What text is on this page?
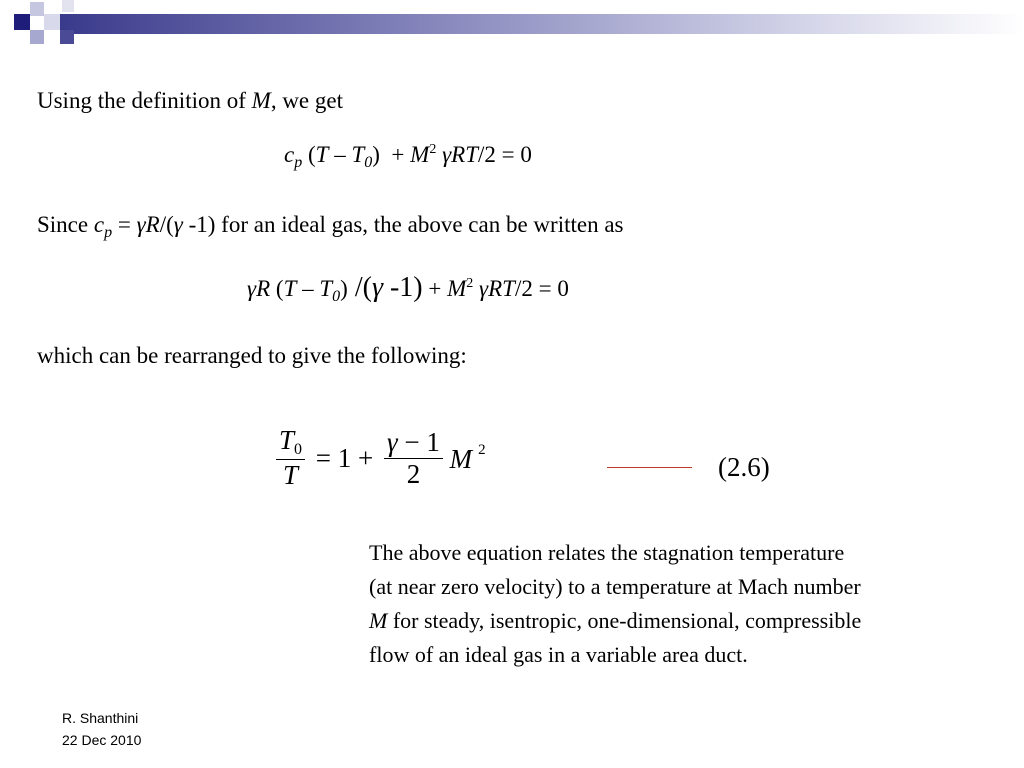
Using the definition of M, we get
$c_p$ $(T - T_0) + M^2$ γRT/2 = 0
Since $c_p = \gamma R/(\gamma$ -1) for an ideal gas, the above can be written as
γR $(T - T_0)$ /(γ $-1) + M^2$ γRT/2 = 0
which can be rearranged to give the following:
$\frac{T_0}{T} = 1 + \frac{\gamma - 1}{2}$ M $^2$
(2.6)
The above equation relates the stagnation temperature
(at near zero velocity) to a temperature at Mach number
M for steady, isentropic, one-dimensional, compressible
flow of an ideal gas in a variable area duct.
R. Shanthini
22 Dec 2010
